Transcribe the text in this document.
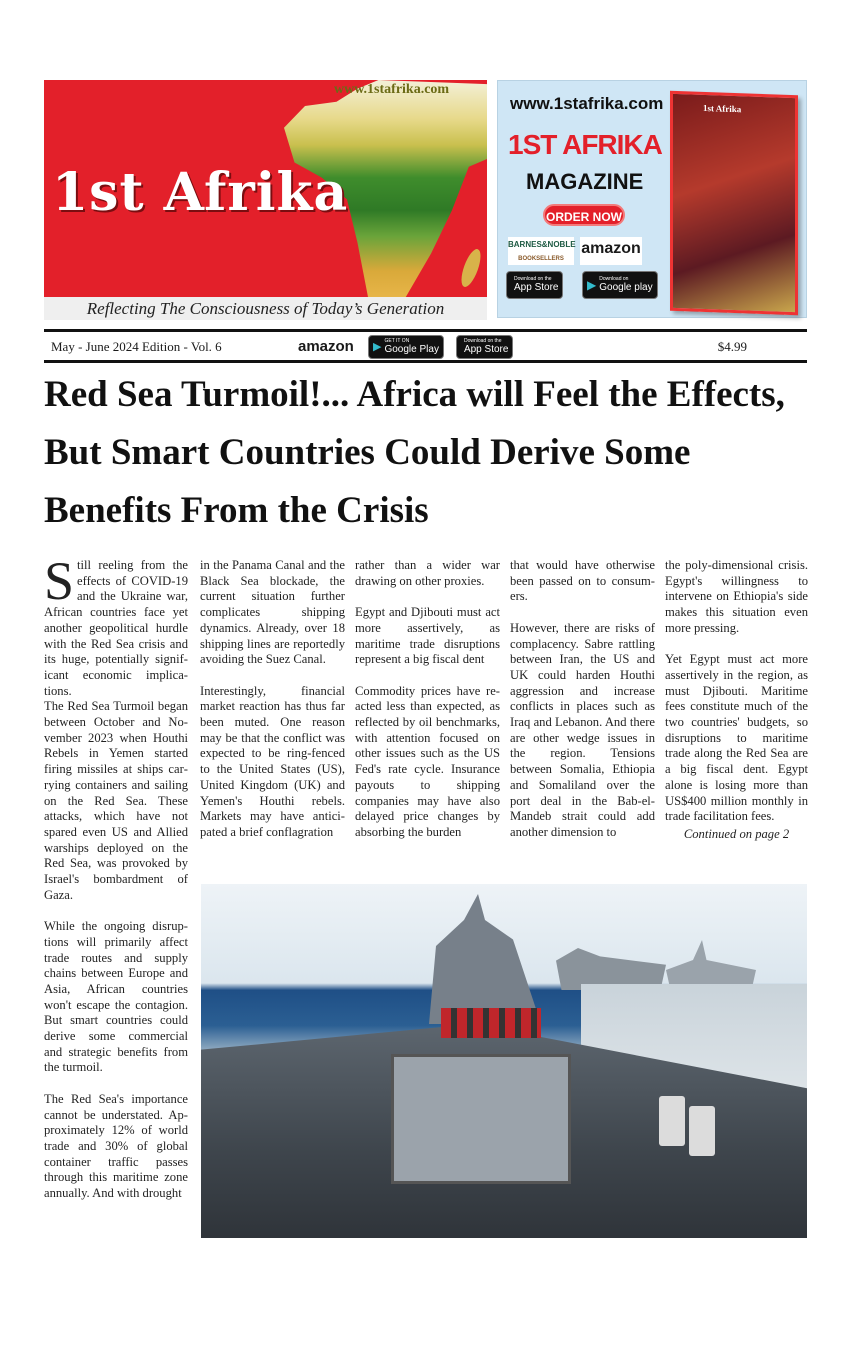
www.1stafrika.com
1st Afrika
Reflecting The Consciousness of Today’s Generation
www.1stafrika.com
1ST AFRIKA
MAGAZINE
ORDER NOW
BARNES&NOBLE
BOOKSELLERS
amazon
Download on the
App Store ▶ Download on
Google play
1st Afrika
May - June 2024 Edition - Vol. 6	amazon	▶
GET IT ON
Google Play
Download on the
App Store	$4.99
Red Sea Turmoil!... Africa will Feel the Effects, But Smart Countries Could Derive Some Benefits From the Crisis

Still reeling from the effects of COVID-19 and the Ukraine war, African countries face yet another geopolitical hurdle with the Red Sea crisis and its huge, potentially significant economic implications.

The Red Sea Turmoil began between October and November 2023 when Houthi Rebels in Yemen started firing missiles at ships carrying containers and sailing on the Red Sea. These attacks, which have not spared even US and Allied warships deployed on the Red Sea, was provoked by Israel's bombardment of Gaza.

While the ongoing disruptions will primarily affect trade routes and supply chains between Europe and Asia, African countries won't escape the contagion. But smart countries could derive some commercial and strategic benefits from the turmoil.

The Red Sea's importance cannot be understated. Approximately 12% of world trade and 30% of global container traffic passes through this maritime zone annually. And with drought

in the Panama Canal and the Black Sea blockade, the current situation further complicates shipping dynamics. Already, over 18 shipping lines are reportedly avoiding the Suez Canal.

Interestingly, financial market reaction has thus far been muted. One reason may be that the conflict was expected to be ring-fenced to the United States (US), United Kingdom (UK) and Yemen's Houthi rebels. Markets may have anticipated a brief conflagration

rather than a wider war drawing on other proxies.

Egypt and Djibouti must act more assertively, as maritime trade disruptions represent a big fiscal dent

Commodity prices have reacted less than expected, as reflected by oil benchmarks, with attention focused on other issues such as the US Fed's rate cycle. Insurance payouts to shipping companies may have also delayed price changes by absorbing the burden

that would have otherwise been passed on to consumers.

However, there are risks of complacency. Sabre rattling between Iran, the US and UK could harden Houthi aggression and increase conflicts in places such as Iraq and Lebanon. And there are other wedge issues in the region. Tensions between Somalia, Ethiopia and Somaliland over the port deal in the Bab-el-Mandeb strait could add another dimension to

the poly-dimensional crisis. Egypt's willingness to intervene on Ethiopia's side makes this situation even more pressing.

Yet Egypt must act more assertively in the region, as must Djibouti. Maritime fees constitute much of the two countries' budgets, so disruptions to maritime trade along the Red Sea are a big fiscal dent. Egypt alone is losing more than US$400 million monthly in trade facilitation fees.

Continued on page 2
